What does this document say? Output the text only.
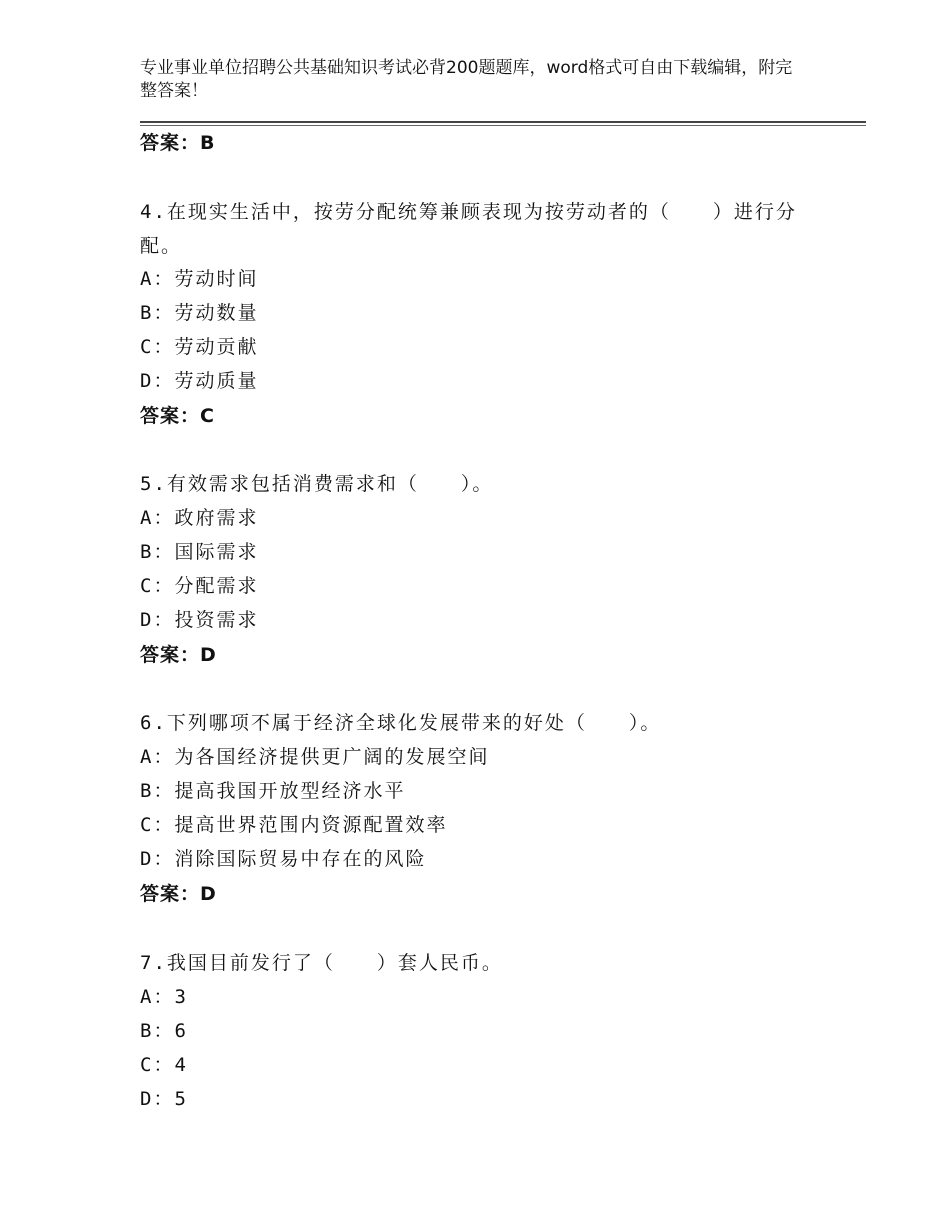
专业事业单位招聘公共基础知识考试必背200题题库，word格式可自由下载编辑，附完整答案！
答案：B
4.在现实生活中，按劳分配统筹兼顾表现为按劳动者的（　　）进行分配。
A：劳动时间
B：劳动数量
C：劳动贡献
D：劳动质量
答案：C
5.有效需求包括消费需求和（　　）。
A：政府需求
B：国际需求
C：分配需求
D：投资需求
答案：D
6.下列哪项不属于经济全球化发展带来的好处（　　）。
A：为各国经济提供更广阔的发展空间
B：提高我国开放型经济水平
C：提高世界范围内资源配置效率
D：消除国际贸易中存在的风险
答案：D
7.我国目前发行了（　　）套人民币。
A：3
B：6
C：4
D：5
